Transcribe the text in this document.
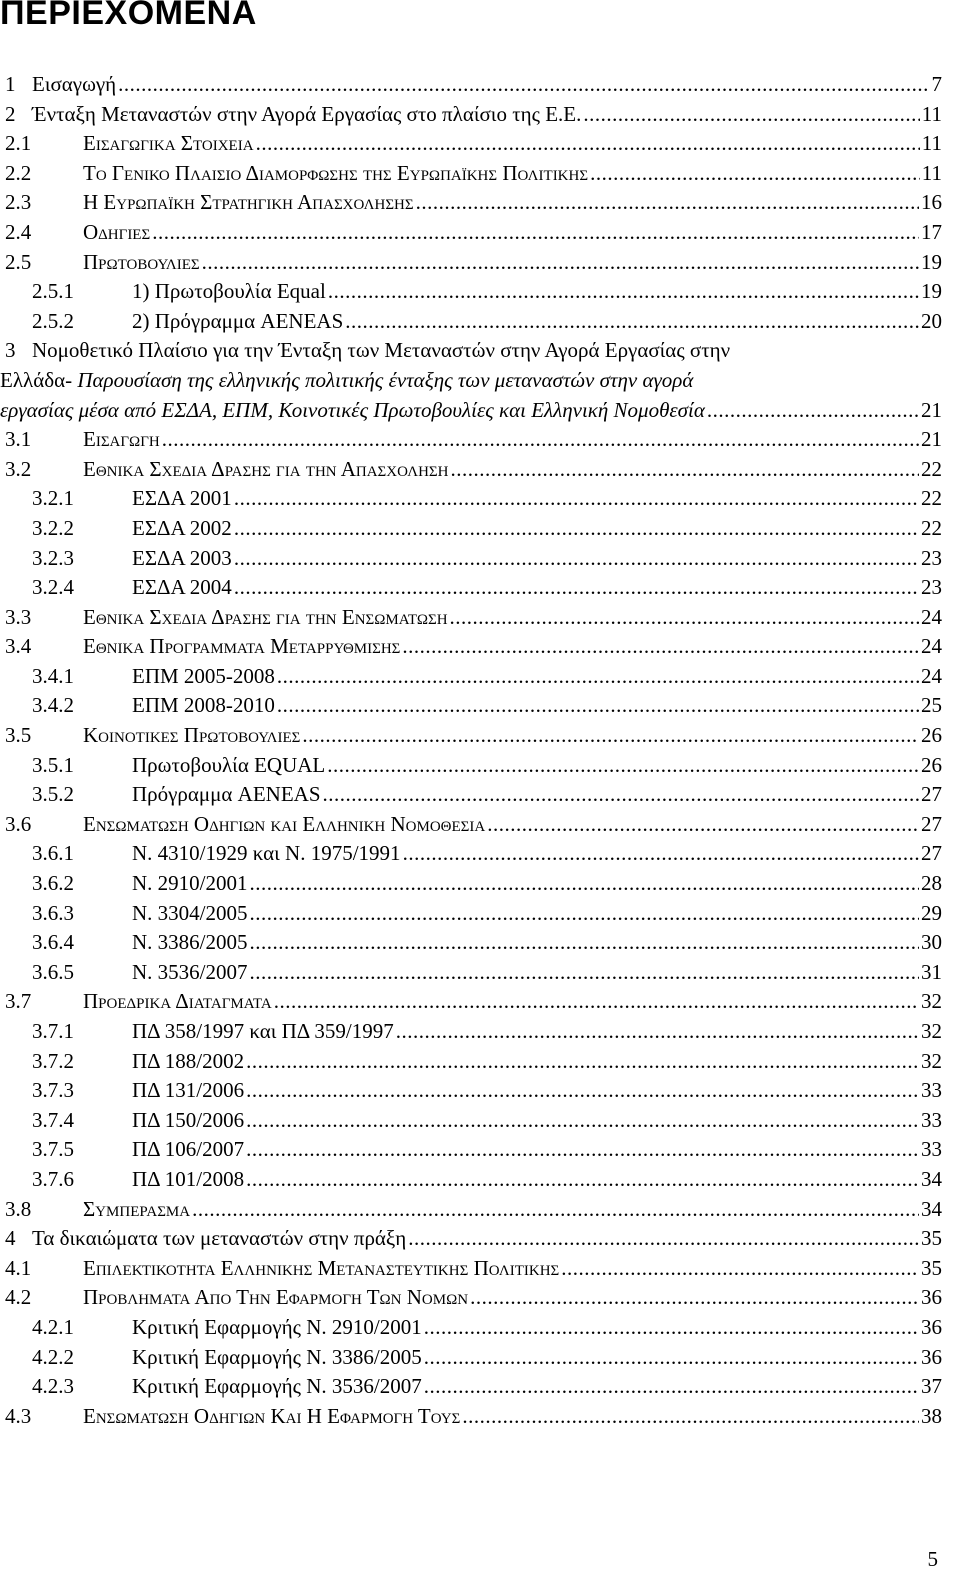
ΠΕΡΙΕΧΟΜΕΝΑ
1 Εισαγωγή .....	7
2 Ένταξη Μεταναστών στην Αγορά Εργασίας στο πλαίσιο της Ε.Ε. .....	11
2.1	Εισαγωγικα Στοιχεια .....	11
2.2	Το Γενικο Πλαισιο Διαμορφωσης της Ευρωπαϊκης Πολιτικης .....	11
2.3	Η Ευρωπαϊκη Στρατηγικη Απασχολησης .....	16
2.4	Οδηγιες .....	17
2.5	Πρωτοβουλιες .....	19
2.5.1	1) Πρωτοβουλία Equal .....	19
2.5.2	2) Πρόγραμμα AENEAS .....	20
3 Νομοθετικό Πλαίσιο για την Ένταξη των Μεταναστών στην Αγορά Εργασίας στην
Ελλάδα- Παρουσίαση της ελληνικής πολιτικής ένταξης των μεταναστών στην αγορά
εργασίας μέσα από ΕΣΔΑ, ΕΠΜ, Κοινοτικές Πρωτοβουλίες και Ελληνική Νομοθεσία .....	21
3.1	Εισαγωγη .....	21
3.2	Εθνικα Σχεδια Δρασης για την Απασχοληση .....	22
3.2.1	ΕΣΔΑ 2001 .....	22
3.2.2	ΕΣΔΑ 2002 .....	22
3.2.3	ΕΣΔΑ 2003 .....	23
3.2.4	ΕΣΔΑ 2004 .....	23
3.3	Εθνικα Σχεδια Δρασης για την Ενσωματωση .....	24
3.4	Εθνικα Προγραμματα Μεταρρυθμισης .....	24
3.4.1	ΕΠΜ 2005-2008 .....	24
3.4.2	ΕΠΜ 2008-2010 .....	25
3.5	Κοινοτικες Πρωτοβουλιες .....	26
3.5.1	Πρωτοβουλία EQUAL .....	26
3.5.2	Πρόγραμμα AENEAS .....	27
3.6	Ενσωματωση Οδηγιων και Ελληνικη Νομοθεσια .....	27
3.6.1	Ν. 4310/1929 και Ν. 1975/1991 .....	27
3.6.2	Ν. 2910/2001 .....	28
3.6.3	Ν. 3304/2005 .....	29
3.6.4	Ν. 3386/2005 .....	30
3.6.5	Ν. 3536/2007 .....	31
3.7	Προεδρικα Διαταγματα .....	32
3.7.1	ΠΔ 358/1997 και ΠΔ 359/1997 .....	32
3.7.2	ΠΔ 188/2002 .....	32
3.7.3	ΠΔ 131/2006 .....	33
3.7.4	ΠΔ 150/2006 .....	33
3.7.5	ΠΔ 106/2007 .....	33
3.7.6	ΠΔ 101/2008 .....	34
3.8	Συμπερασμα .....	34
4 Τα δικαιώματα των μεταναστών στην πράξη .....	35
4.1	Επιλεκτικοτητα Ελληνικης Μεταναστευτικης Πολιτικης .....	35
4.2	Προβληματα Απο Την Εφαρμογη Των Νομων .....	36
4.2.1	Κριτική Εφαρμογής Ν. 2910/2001 .....	36
4.2.2	Κριτική Εφαρμογής Ν. 3386/2005 .....	36
4.2.3	Κριτική Εφαρμογής Ν. 3536/2007 .....	37
4.3	Ενσωματωση Οδηγιων Και Η Εφαρμογη Τους .....	38
5
